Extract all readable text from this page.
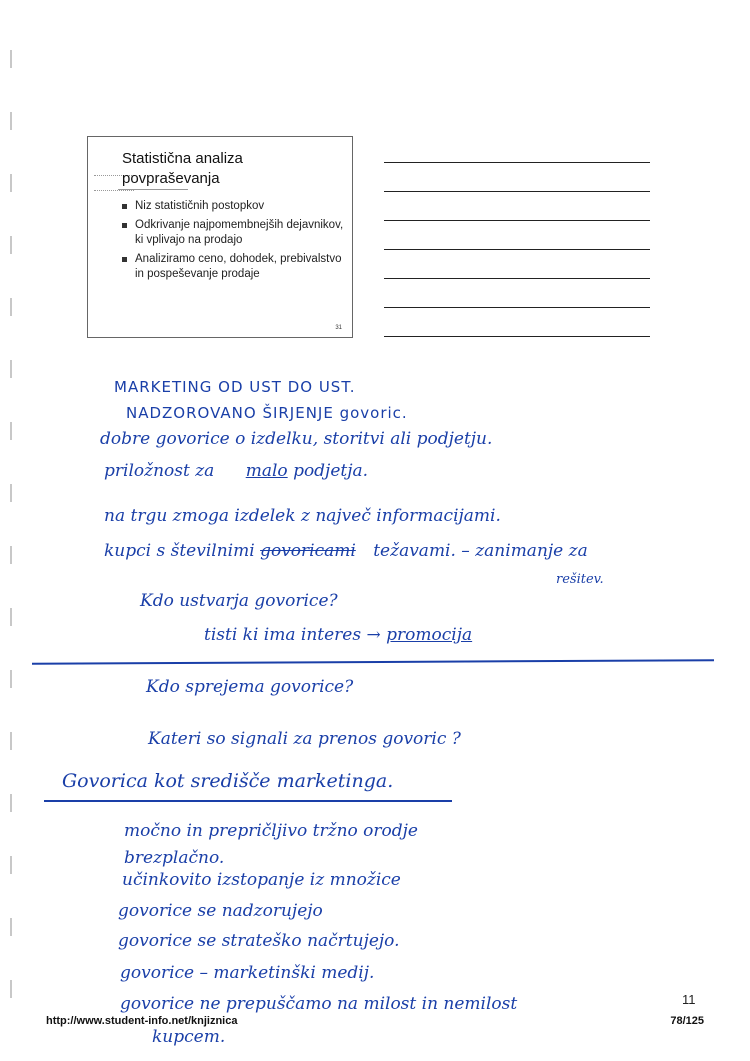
Statistična analiza
povpraševanja
Niz statističnih postopkov
Odkrivanje najpomembnejših dejavnikov, ki vplivajo na prodajo
Analiziramo ceno, dohodek, prebivalstvo in pospeševanje prodaje
31
MARKETING OD UST DO UST.
NADZOROVANO ŠIRJENJE govoric.
dobre govorice o izdelku, storitvi ali podjetju.
priložnost za malo podjetja.
na trgu zmoga izdelek z največ informacijami.
kupci s številnimi govoricami težavami. – zanimanje za
rešitev.
Kdo ustvarja govorice?
tisti ki ima interes → promocija
Kdo sprejema govorice?
Kateri so signali za prenos govoric ?
Govorica kot središče marketinga.
močno in prepričljivo tržno orodje
brezplačno.
učinkovito izstopanje iz množice
govorice se nadzorujejo
govorice se strateško načrtujejo.
govorice – marketinški medij.
govorice ne prepuščamo na milost in nemilost
kupcem.
11
http://www.student-info.net/knjiznica	78/125
